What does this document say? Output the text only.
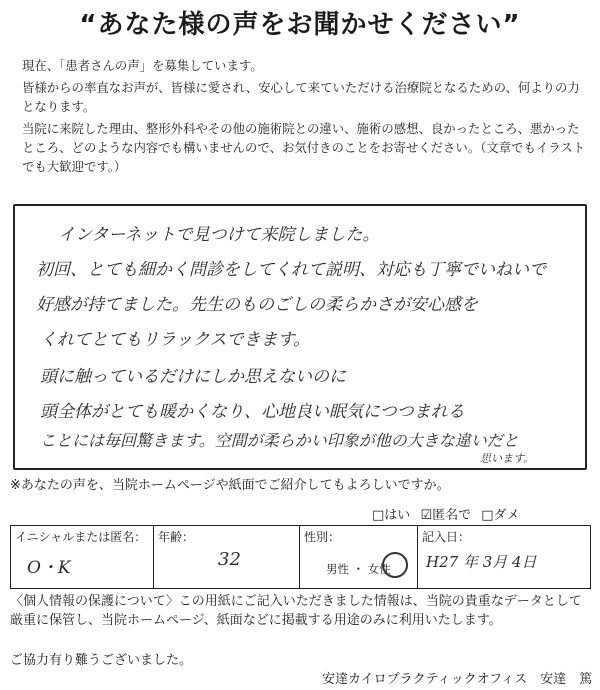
“あなた様の声をお聞かせください”

現在、「患者さんの声」を募集しています。

皆様からの率直なお声が、皆様に愛され、安心して来ていただける治療院となるための、何よりの力となります。

当院に来院した理由、整形外科やその他の施術院との違い、施術の感想、良かったところ、悪かったところ、どのような内容でも構いませんので、お気付きのことをお寄せください。（文章でもイラストでも大歓迎です。）

インターネットで見つけて来院しました。
初回、とても細かく問診をしてくれて説明、対応も丁寧でいねいで
好感が持てました。先生のものごしの柔らかさが安心感を
くれてとてもリラックスできます。
頭に触っているだけにしか思えないのに
頭全体がとても暖かくなり、心地良い眠気につつまれる
ことには毎回驚きます。空間が柔らかい印象が他の大きな違いだと
思います。
※あなたの声を、当院ホームページや紙面でご紹介してもよろしいですか。
□はい ☑匿名で □ダメ
イニシャルまたは匿名：
O・K

年齢：
32

性別：
男性 ・ 女性

記入日：
H27 年 3月 4日
〈個人情報の保護について〉この用紙にご記入いただきました情報は、当院の貴重なデータとして厳重に保管し、当院ホームページ、紙面などに掲載する用途のみに利用いたします。
ご協力有り難うございました。
安達カイロプラクティックオフィス　安達　篤
